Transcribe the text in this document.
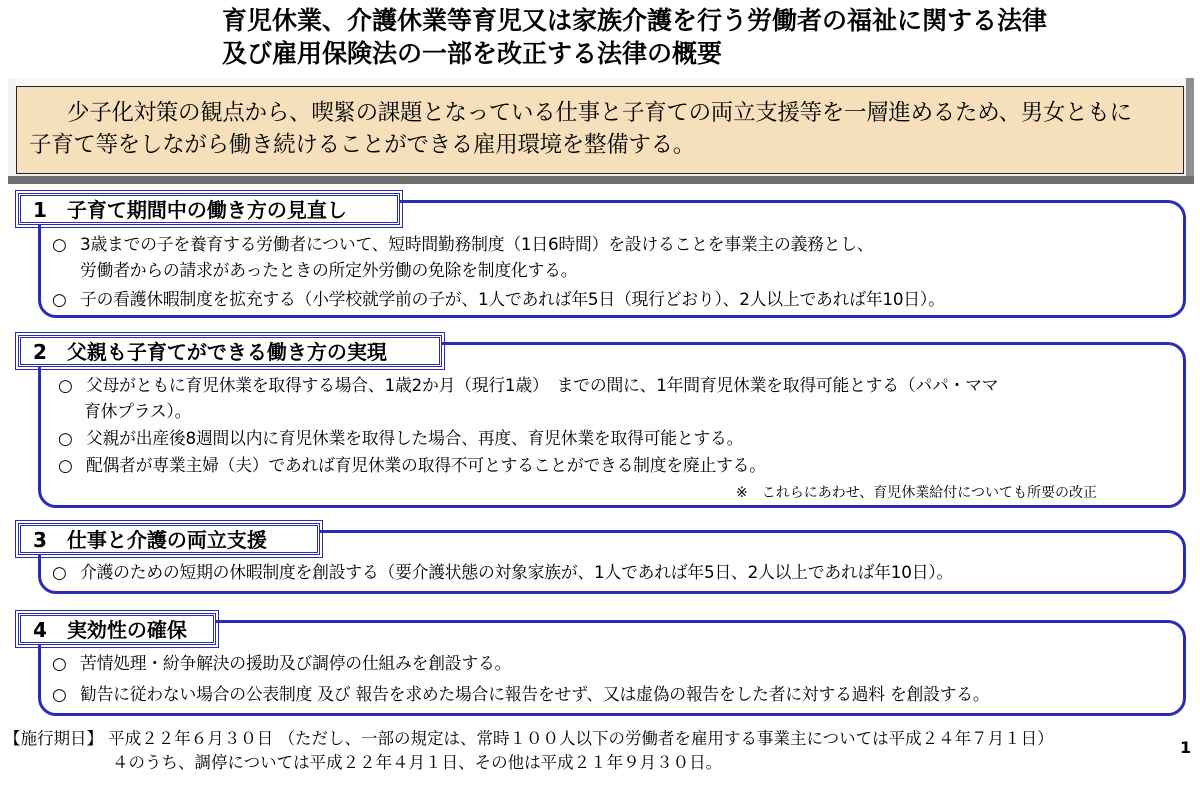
育児休業、介護休業等育児又は家族介護を行う労働者の福祉に関する法律
及び雇用保険法の一部を改正する法律の概要
少子化対策の観点から、喫緊の課題となっている仕事と子育ての両立支援等を一層進めるため、男女ともに
子育て等をしながら働き続けることができる雇用環境を整備する。
1　子育て期間中の働き方の見直し
○ 3歳までの子を養育する労働者について、短時間勤務制度（1日6時間）を設けることを事業主の義務とし、
労働者からの請求があったときの所定外労働の免除を制度化する。
○ 子の看護休暇制度を拡充する（小学校就学前の子が、1人であれば年5日（現行どおり）、2人以上であれば年10日）。
2　父親も子育てができる働き方の実現
○ 父母がともに育児休業を取得する場合、1歳2か月（現行1歳）　までの間に、1年間育児休業を取得可能とする（パパ・ママ
育休プラス）。
○ 父親が出産後8週間以内に育児休業を取得した場合、再度、育児休業を取得可能とする。
○ 配偶者が専業主婦（夫）であれば育児休業の取得不可とすることができる制度を廃止する。
※　これらにあわせ、育児休業給付についても所要の改正
3　仕事と介護の両立支援
○ 介護のための短期の休暇制度を創設する（要介護状態の対象家族が、1人であれば年5日、2人以上であれば年10日）。
4　実効性の確保
○ 苦情処理・紛争解決の援助及び調停の仕組みを創設する。
○ 勧告に従わない場合の公表制度 及び 報告を求めた場合に報告をせず、又は虚偽の報告をした者に対する過料 を創設する。
【施行期日】 平成２２年６月３０日 （ただし、一部の規定は、常時１００人以下の労働者を雇用する事業主については平成２４年７月１日）
４のうち、調停については平成２２年４月１日、その他は平成２１年９月３０日。
1
